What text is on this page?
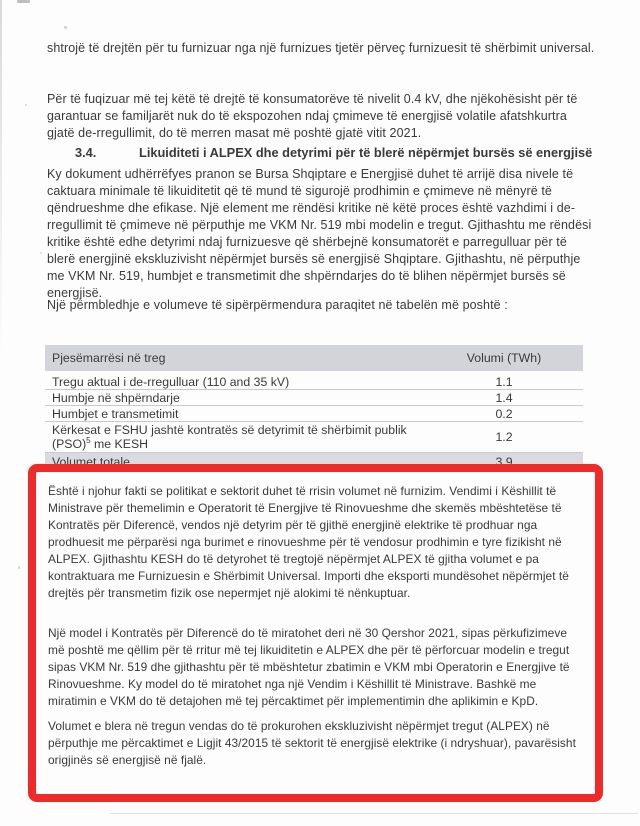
shtrojë të drejtën për tu furnizuar nga një furnizues tjetër përveç furnizuesit të shërbimit universal.

Për të fuqizuar më tej këtë të drejtë të konsumatorëve të nivelit 0.4 kV, dhe njëkohësisht për të garantuar se familjarët nuk do të ekspozohen ndaj çmimeve të energjisë volatile afatshkurtra gjatë de-rregullimit, do të merren masat më poshtë gjatë vitit 2021.

3.4.	Likuiditeti i ALPEX dhe detyrimi për të blerë nëpërmjet bursës së energjisë

Ky dokument udhërrëfyes pranon se Bursa Shqiptare e Energjisë duhet të arrijë disa nivele të caktuara minimale të likuiditetit që të mund të sigurojë prodhimin e çmimeve në mënyrë të qëndrueshme dhe efikase. Një element me rëndësi kritike në këtë proces është vazhdimi i de-rregullimit të çmimeve në përputhje me VKM Nr. 519 mbi modelin e tregut. Gjithashtu me rëndësi kritike është edhe detyrimi ndaj furnizuesve që shërbejnë konsumatorët e parregulluar për të blerë energjinë ekskluzivisht nëpërmjet bursës së energjisë Shqiptare. Gjithashtu, në përputhje me VKM Nr. 519, humbjet e transmetimit dhe shpërndarjes do të blihen nëpërmjet bursës së energjisë.

Një përmbledhje e volumeve të sipërpërmendura paraqitet në tabelën më poshtë :

Pjesëmarrësi në treg	Volumi (TWh)
Tregu aktual i de-rregulluar (110 and 35 kV)	1.1
Humbje në shpërndarje	1.4
Humbjet e transmetimit	0.2
Kërkesat e FSHU jashtë kontratës së detyrimit të shërbimit publik (PSO)$^5$ me KESH	1.2
Volumet totale	3.9

Është i njohur fakti se politikat e sektorit duhet të rrisin volumet në furnizim. Vendimi i Këshillit të Ministrave për themelimin e Operatorit të Energjive të Rinovueshme dhe skemës mbështetëse të Kontratës për Diferencë, vendos një detyrim për të gjithë energjinë elektrike të prodhuar nga prodhuesit me përparësi nga burimet e rinovueshme për të vendosur prodhimin e tyre fizikisht në ALPEX. Gjithashtu KESH do të detyrohet të tregtojë nëpërmjet ALPEX të gjitha volumet e pa kontraktuara me Furnizuesin e Shërbimit Universal. Importi dhe eksporti mundësohet nëpërmjet të drejtës për transmetim fizik ose nepermjet një alokimi të nënkuptuar.

Një model i Kontratës për Diferencë do të miratohet deri në 30 Qershor 2021, sipas përkufizimeve më poshtë me qëllim për të rritur më tej likuiditetin e ALPEX dhe për të përforcuar modelin e tregut sipas VKM Nr. 519 dhe gjithashtu për të mbështetur zbatimin e VKM mbi Operatorin e Energjive të Rinovueshme. Ky model do të miratohet nga një Vendim i Këshillit të Ministrave. Bashkë me miratimin e VKM do të detajohen më tej përcaktimet për implementimin dhe aplikimin e KpD.

Volumet e blera në tregun vendas do të prokurohen ekskluzivisht nëpërmjet tregut (ALPEX) në përputhje me përcaktimet e Ligjit 43/2015 të sektorit të energjisë elektrike (i ndryshuar), pavarësisht origjinës së energjisë në fjalë.
